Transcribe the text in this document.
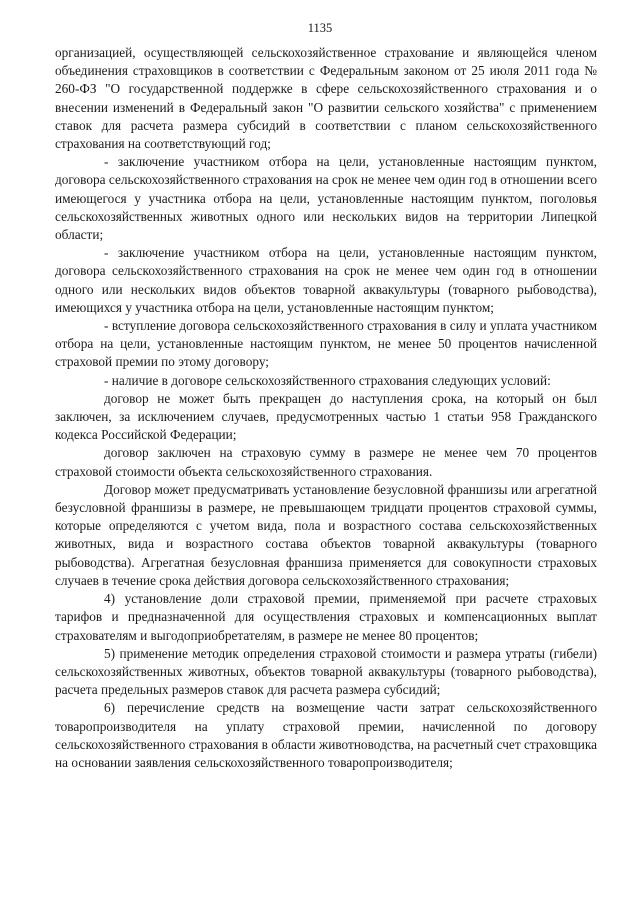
1135

организацией, осуществляющей сельскохозяйственное страхование и являющейся членом объединения страховщиков в соответствии с Федеральным законом от 25 июля 2011 года № 260-ФЗ "О государственной поддержке в сфере сельскохозяйственного страхования и о внесении изменений в Федеральный закон "О развитии сельского хозяйства" с применением ставок для расчета размера субсидий в соответствии с планом сельскохозяйственного страхования на соответствующий год;

- заключение участником отбора на цели, установленные настоящим пунктом, договора сельскохозяйственного страхования на срок не менее чем один год в отношении всего имеющегося у участника отбора на цели, установленные настоящим пунктом, поголовья сельскохозяйственных животных одного или нескольких видов на территории Липецкой области;

- заключение участником отбора на цели, установленные настоящим пунктом, договора сельскохозяйственного страхования на срок не менее чем один год в отношении одного или нескольких видов объектов товарной аквакультуры (товарного рыбоводства), имеющихся у участника отбора на цели, установленные настоящим пунктом;

- вступление договора сельскохозяйственного страхования в силу и уплата участником отбора на цели, установленные настоящим пунктом, не менее 50 процентов начисленной страховой премии по этому договору;

- наличие в договоре сельскохозяйственного страхования следующих условий:

договор не может быть прекращен до наступления срока, на который он был заключен, за исключением случаев, предусмотренных частью 1 статьи 958 Гражданского кодекса Российской Федерации;

договор заключен на страховую сумму в размере не менее чем 70 процентов страховой стоимости объекта сельскохозяйственного страхования.

Договор может предусматривать установление безусловной франшизы или агрегатной безусловной франшизы в размере, не превышающем тридцати процентов страховой суммы, которые определяются с учетом вида, пола и возрастного состава сельскохозяйственных животных, вида и возрастного состава объектов товарной аквакультуры (товарного рыбоводства). Агрегатная безусловная франшиза применяется для совокупности страховых случаев в течение срока действия договора сельскохозяйственного страхования;

4) установление доли страховой премии, применяемой при расчете страховых тарифов и предназначенной для осуществления страховых и компенсационных выплат страхователям и выгодоприобретателям, в размере не менее 80 процентов;

5) применение методик определения страховой стоимости и размера утраты (гибели) сельскохозяйственных животных, объектов товарной аквакультуры (товарного рыбоводства), расчета предельных размеров ставок для расчета размера субсидий;

6) перечисление средств на возмещение части затрат сельскохозяйственного товаропроизводителя на уплату страховой премии, начисленной по договору сельскохозяйственного страхования в области животноводства, на расчетный счет страховщика на основании заявления сельскохозяйственного товаропроизводителя;
